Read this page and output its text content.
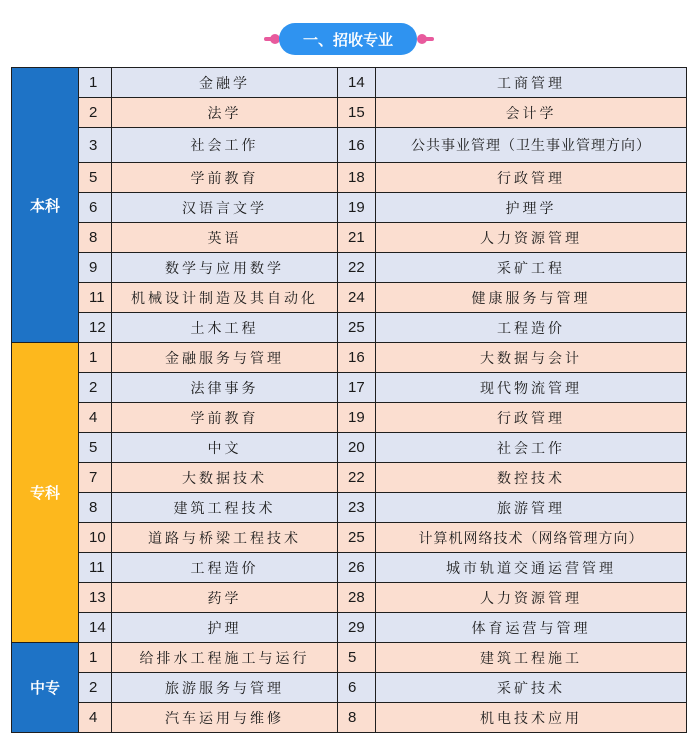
一、招收专业
本科	1	金融学	14	工商管理
	2	法学	15	会计学
	3	社会工作	16	公共事业管理（卫生事业管理方向）
	5	学前教育	18	行政管理
	6	汉语言文学	19	护理学
	8	英语	21	人力资源管理
	9	数学与应用数学	22	采矿工程
	11	机械设计制造及其自动化	24	健康服务与管理
	12	土木工程	25	工程造价
专科	1	金融服务与管理	16	大数据与会计
	2	法律事务	17	现代物流管理
	4	学前教育	19	行政管理
	5	中文	20	社会工作
	7	大数据技术	22	数控技术
	8	建筑工程技术	23	旅游管理
	10	道路与桥梁工程技术	25	计算机网络技术（网络管理方向）
	11	工程造价	26	城市轨道交通运营管理
	13	药学	28	人力资源管理
	14	护理	29	体育运营与管理
中专	1	给排水工程施工与运行	5	建筑工程施工
	2	旅游服务与管理	6	采矿技术
	4	汽车运用与维修	8	机电技术应用
